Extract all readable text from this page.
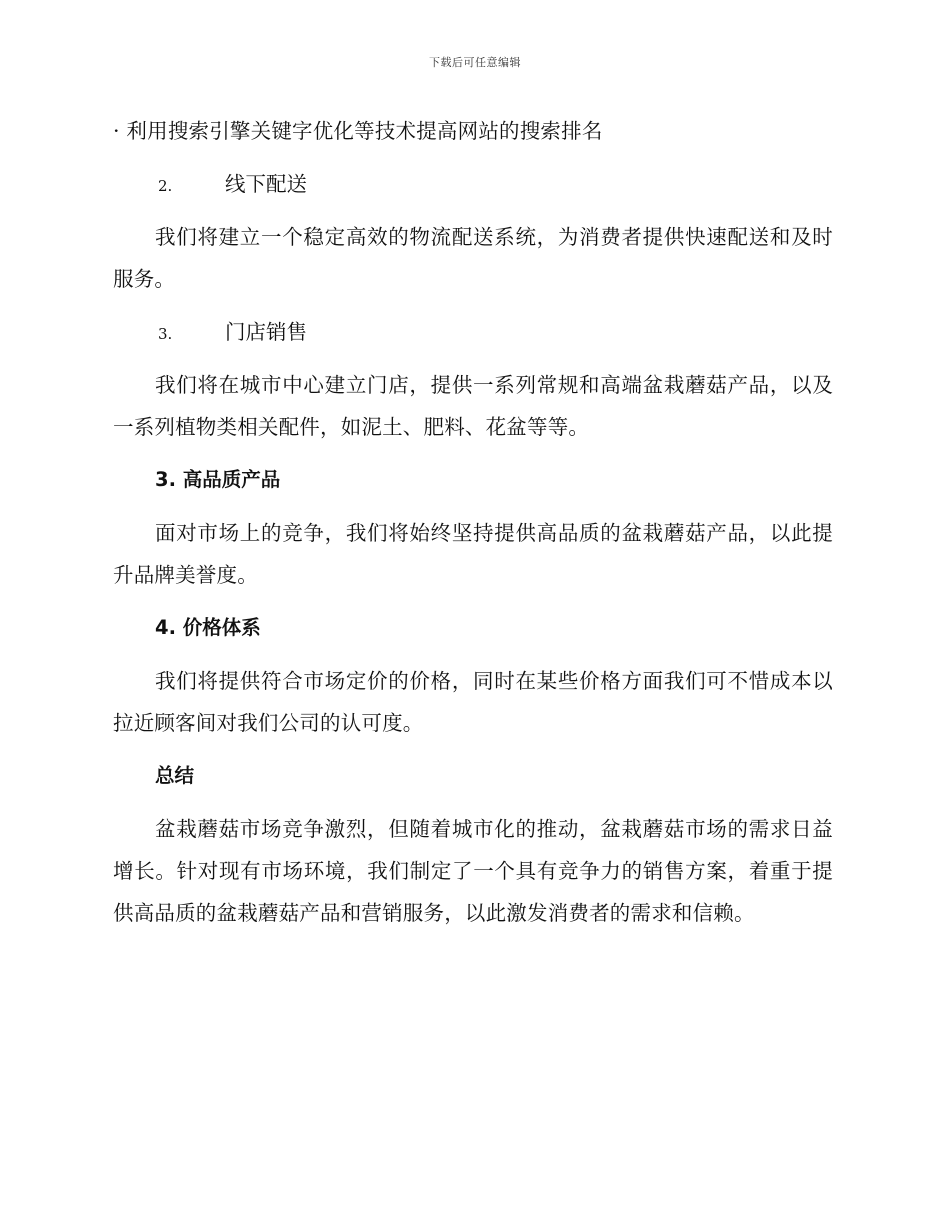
下载后可任意编辑

· 利用搜索引擎关键字优化等技术提高网站的搜索排名

2.	线下配送

我们将建立一个稳定高效的物流配送系统，为消费者提供快速配送和及时服务。

3.	门店销售

我们将在城市中心建立门店，提供一系列常规和高端盆栽蘑菇产品，以及一系列植物类相关配件，如泥土、肥料、花盆等等。

3. 高品质产品

面对市场上的竞争，我们将始终坚持提供高品质的盆栽蘑菇产品，以此提升品牌美誉度。

4. 价格体系

我们将提供符合市场定价的价格，同时在某些价格方面我们可不惜成本以拉近顾客间对我们公司的认可度。

总结

盆栽蘑菇市场竞争激烈，但随着城市化的推动，盆栽蘑菇市场的需求日益增长。针对现有市场环境，我们制定了一个具有竞争力的销售方案，着重于提供高品质的盆栽蘑菇产品和营销服务，以此激发消费者的需求和信赖。
